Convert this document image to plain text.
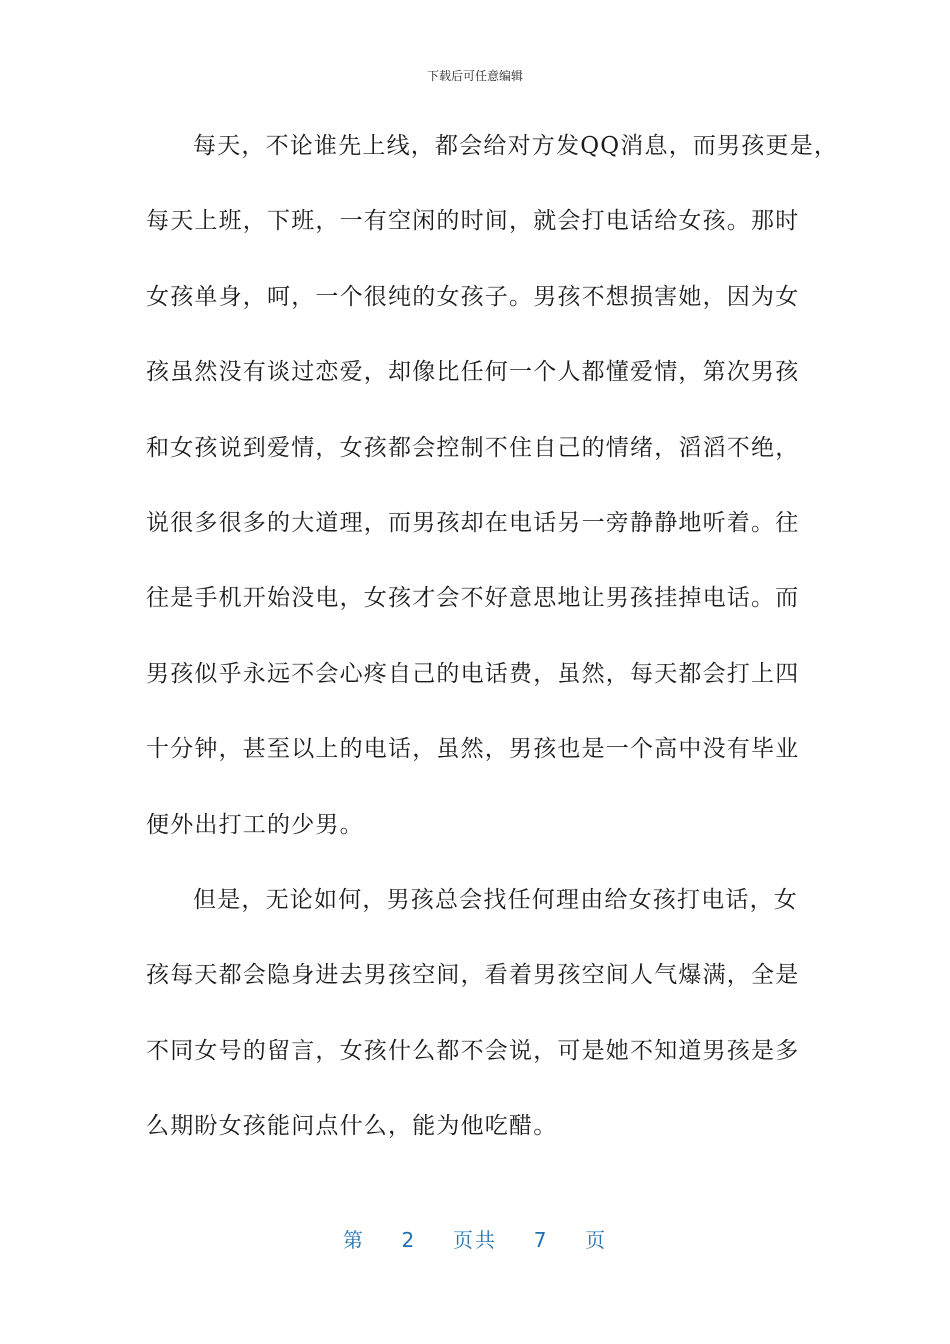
下载后可任意编辑
每天，不论谁先上线，都会给对方发QQ消息，而男孩更是，
每天上班，下班，一有空闲的时间，就会打电话给女孩。那时
女孩单身，呵，一个很纯的女孩子。男孩不想损害她，因为女
孩虽然没有谈过恋爱，却像比任何一个人都懂爱情，第次男孩
和女孩说到爱情，女孩都会控制不住自己的情绪，滔滔不绝，
说很多很多的大道理，而男孩却在电话另一旁静静地听着。往
往是手机开始没电，女孩才会不好意思地让男孩挂掉电话。而
男孩似乎永远不会心疼自己的电话费，虽然，每天都会打上四
十分钟，甚至以上的电话，虽然，男孩也是一个高中没有毕业
便外出打工的少男。
但是，无论如何，男孩总会找任何理由给女孩打电话，女
孩每天都会隐身进去男孩空间，看着男孩空间人气爆满，全是
不同女号的留言，女孩什么都不会说，可是她不知道男孩是多
么期盼女孩能问点什么，能为他吃醋。
第 2 页共 7 页
